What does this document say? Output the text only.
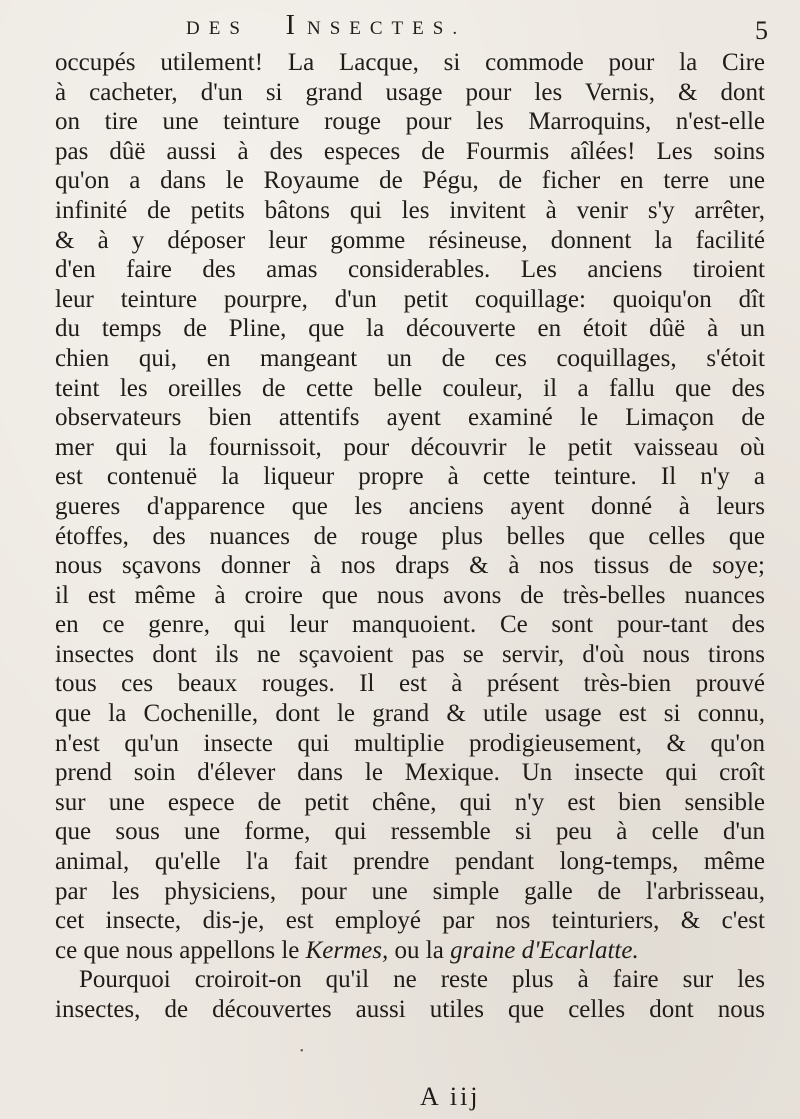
DES INSECTES.	5
occupés utilement! La Lacque, si commode pour la Cire
à cacheter, d'un si grand usage pour les Vernis, & dont
on tire une teinture rouge pour les Marroquins, n'est-elle
pas dûë aussi à des especes de Fourmis aîlées! Les soins
qu'on a dans le Royaume de Pégu, de ficher en terre une
infinité de petits bâtons qui les invitent à venir s'y arrêter,
& à y déposer leur gomme résineuse, donnent la facilité
d'en faire des amas considerables. Les anciens tiroient
leur teinture pourpre, d'un petit coquillage: quoiqu'on dît
du temps de Pline, que la découverte en étoit dûë à un
chien qui, en mangeant un de ces coquillages, s'étoit
teint les oreilles de cette belle couleur, il a fallu que des
observateurs bien attentifs ayent examiné le Limaçon de
mer qui la fournissoit, pour découvrir le petit vaisseau où
est contenuë la liqueur propre à cette teinture. Il n'y a
gueres d'apparence que les anciens ayent donné à leurs
étoffes, des nuances de rouge plus belles que celles que
nous sçavons donner à nos draps & à nos tissus de soye;
il est même à croire que nous avons de très-belles nuances
en ce genre, qui leur manquoient. Ce sont pour-tant des
insectes dont ils ne sçavoient pas se servir, d'où nous tirons
tous ces beaux rouges. Il est à présent très-bien prouvé
que la Cochenille, dont le grand & utile usage est si connu,
n'est qu'un insecte qui multiplie prodigieusement, & qu'on
prend soin d'élever dans le Mexique. Un insecte qui croît
sur une espece de petit chêne, qui n'y est bien sensible
que sous une forme, qui ressemble si peu à celle d'un
animal, qu'elle l'a fait prendre pendant long-temps, même
par les physiciens, pour une simple galle de l'arbrisseau,
cet insecte, dis-je, est employé par nos teinturiers, & c'est
ce que nous appellons le Kermes, ou la graine d'Ecarlatte.
Pourquoi croiroit-on qu'il ne reste plus à faire sur les
insectes, de découvertes aussi utiles que celles dont nous
•
A iij
